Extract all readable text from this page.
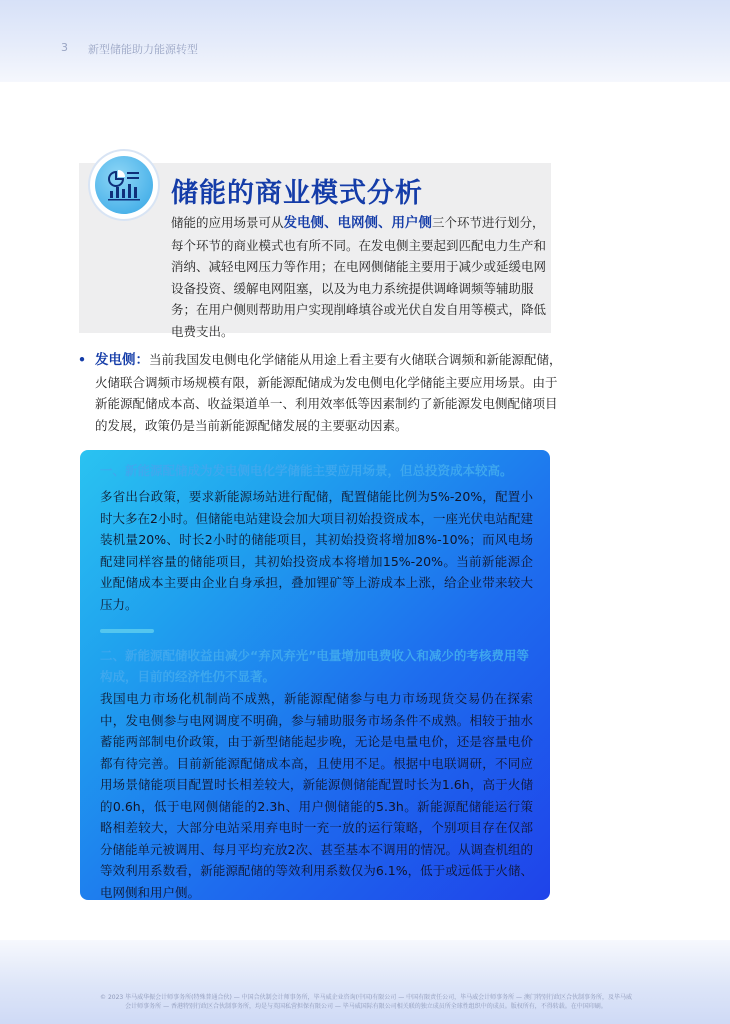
3 新型储能助力能源转型
储能的商业模式分析
储能的应用场景可从发电侧、电网侧、用户侧三个环节进行划分，每个环节的商业模式也有所不同。在发电侧主要起到匹配电力生产和消纳、减轻电网压力等作用；在电网侧储能主要用于减少或延缓电网设备投资、缓解电网阻塞，以及为电力系统提供调峰调频等辅助服务；在用户侧则帮助用户实现削峰填谷或光伏自发自用等模式，降低电费支出。
• 发电侧：当前我国发电侧电化学储能从用途上看主要有火储联合调频和新能源配储，火储联合调频市场规模有限，新能源配储成为发电侧电化学储能主要应用场景。由于新能源配储成本高、收益渠道单一、利用效率低等因素制约了新能源发电侧配储项目的发展，政策仍是当前新能源配储发展的主要驱动因素。
一、新能源配储成为发电侧电化学储能主要应用场景，但总投资成本较高。
多省出台政策，要求新能源场站进行配储，配置储能比例为5%-20%，配置小时大多在2小时。但储能电站建设会加大项目初始投资成本，一座光伏电站配建装机量20%、时长2小时的储能项目，其初始投资将增加8%-10%；而风电场配建同样容量的储能项目，其初始投资成本将增加15%-20%。当前新能源企业配储成本主要由企业自身承担，叠加锂矿等上游成本上涨，给企业带来较大压力。
二、新能源配储收益由减少“弃风弃光”电量增加电费收入和减少的考核费用等构成，目前的经济性仍不显著。
我国电力市场化机制尚不成熟，新能源配储参与电力市场现货交易仍在探索中，发电侧参与电网调度不明确，参与辅助服务市场条件不成熟。相较于抽水蓄能两部制电价政策，由于新型储能起步晚，无论是电量电价，还是容量电价都有待完善。目前新能源配储成本高，且使用不足。根据中电联调研，不同应用场景储能项目配置时长相差较大，新能源侧储能配置时长为1.6h，高于火储的0.6h，低于电网侧储能的2.3h、用户侧储能的5.3h。新能源配储能运行策略相差较大，大部分电站采用弃电时一充一放的运行策略，个别项目存在仅部分储能单元被调用、每月平均充放2次、甚至基本不调用的情况。从调查机组的等效利用系数看，新能源配储的等效利用系数仅为6.1%，低于或远低于火储、电网侧和用户侧。
© 2023 毕马威华振会计师事务所(特殊普通合伙) — 中国合伙制会计师事务所，毕马威企业咨询(中国)有限公司 — 中国有限责任公司，毕马威会计师事务所 — 澳门特别行政区合伙制事务所，及毕马威
会计师事务所 — 香港特别行政区合伙制事务所，均是与英国私营担保有限公司 — 毕马威国际有限公司相关联的独立成员所全球性组织中的成员。版权所有，不得转载。在中国印刷。
